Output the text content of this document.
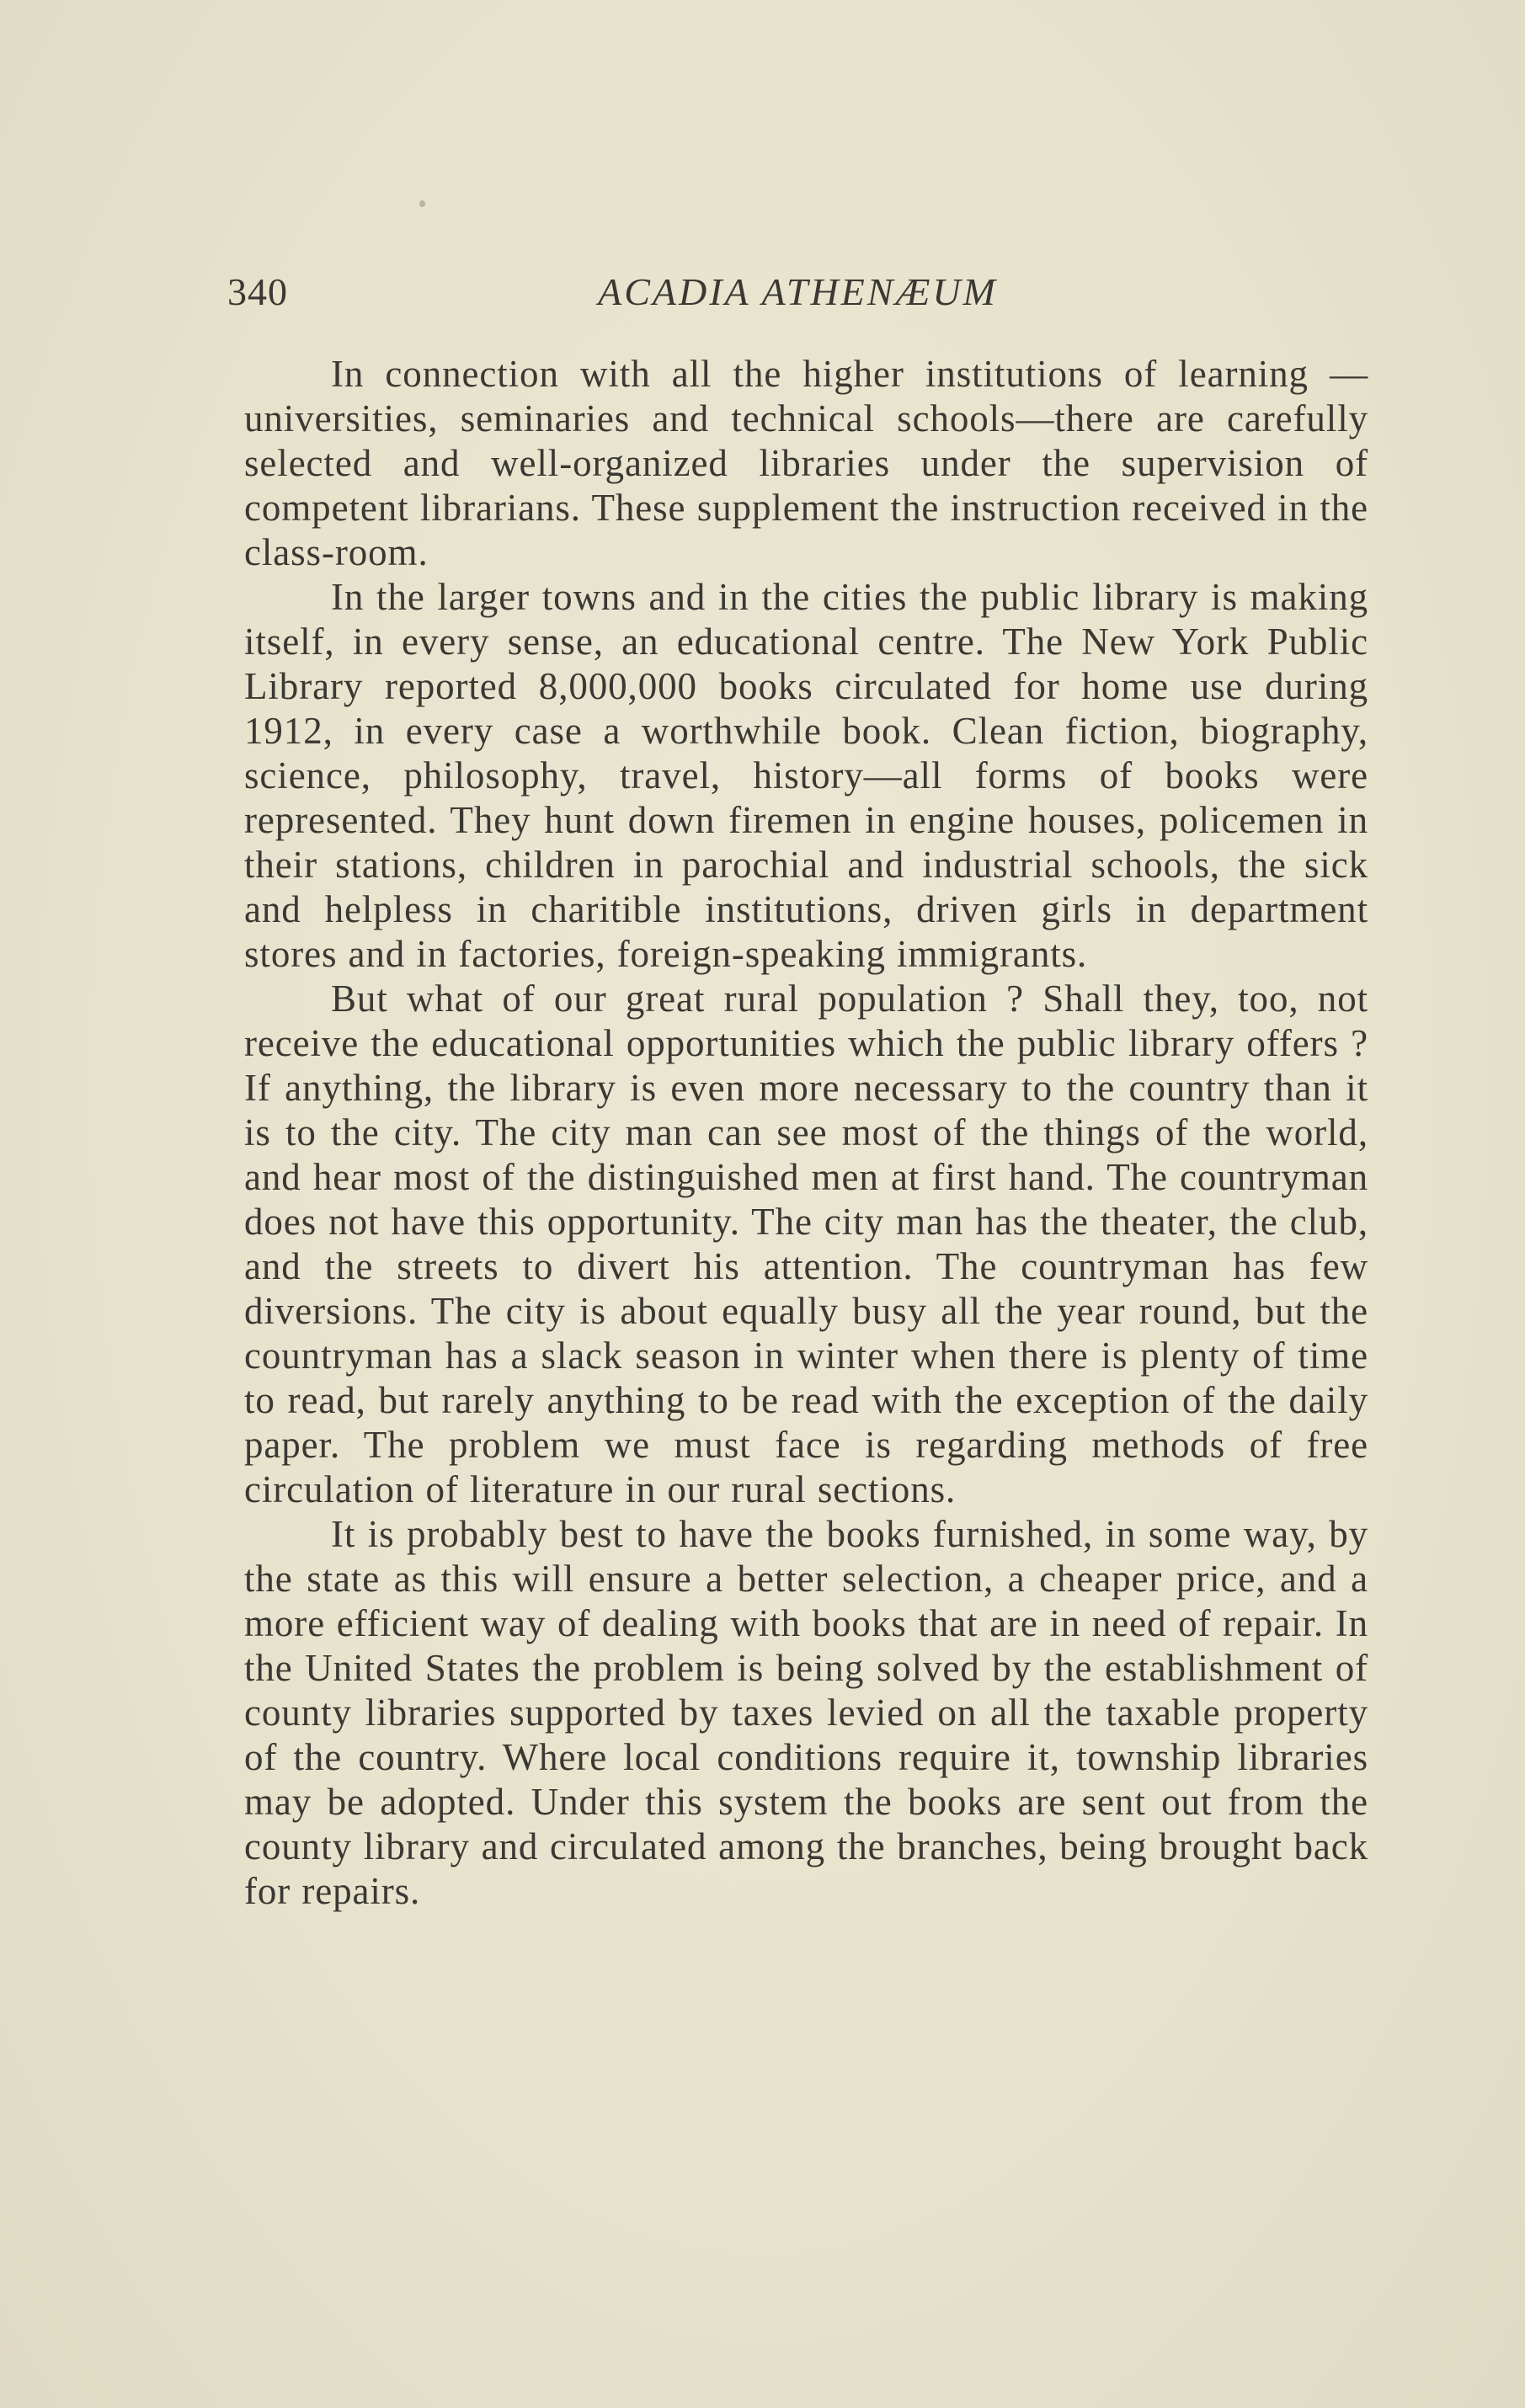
340	ACADIA ATHENÆUM

In connection with all the higher institutions of learning —universities, seminaries and technical schools—there are carefully selected and well-organized libraries under the supervision of competent librarians. These supplement the instruction received in the class-room.

In the larger towns and in the cities the public library is making itself, in every sense, an educational centre. The New York Public Library reported 8,000,000 books circulated for home use during 1912, in every case a worthwhile book. Clean fiction, biography, science, philosophy, travel, history—all forms of books were represented. They hunt down firemen in engine houses, policemen in their stations, children in parochial and industrial schools, the sick and helpless in charitible institutions, driven girls in department stores and in factories, foreign-speaking immigrants.

But what of our great rural population ? Shall they, too, not receive the educational opportunities which the public library offers ? If anything, the library is even more necessary to the country than it is to the city. The city man can see most of the things of the world, and hear most of the distinguished men at first hand. The countryman does not have this opportunity. The city man has the theater, the club, and the streets to divert his attention. The countryman has few diversions. The city is about equally busy all the year round, but the countryman has a slack season in winter when there is plenty of time to read, but rarely anything to be read with the exception of the daily paper. The problem we must face is regarding methods of free circulation of literature in our rural sections.

It is probably best to have the books furnished, in some way, by the state as this will ensure a better selection, a cheaper price, and a more efficient way of dealing with books that are in need of repair. In the United States the problem is being solved by the establishment of county libraries supported by taxes levied on all the taxable property of the country. Where local conditions require it, township libraries may be adopted. Under this system the books are sent out from the county library and circulated among the branches, being brought back for repairs.
